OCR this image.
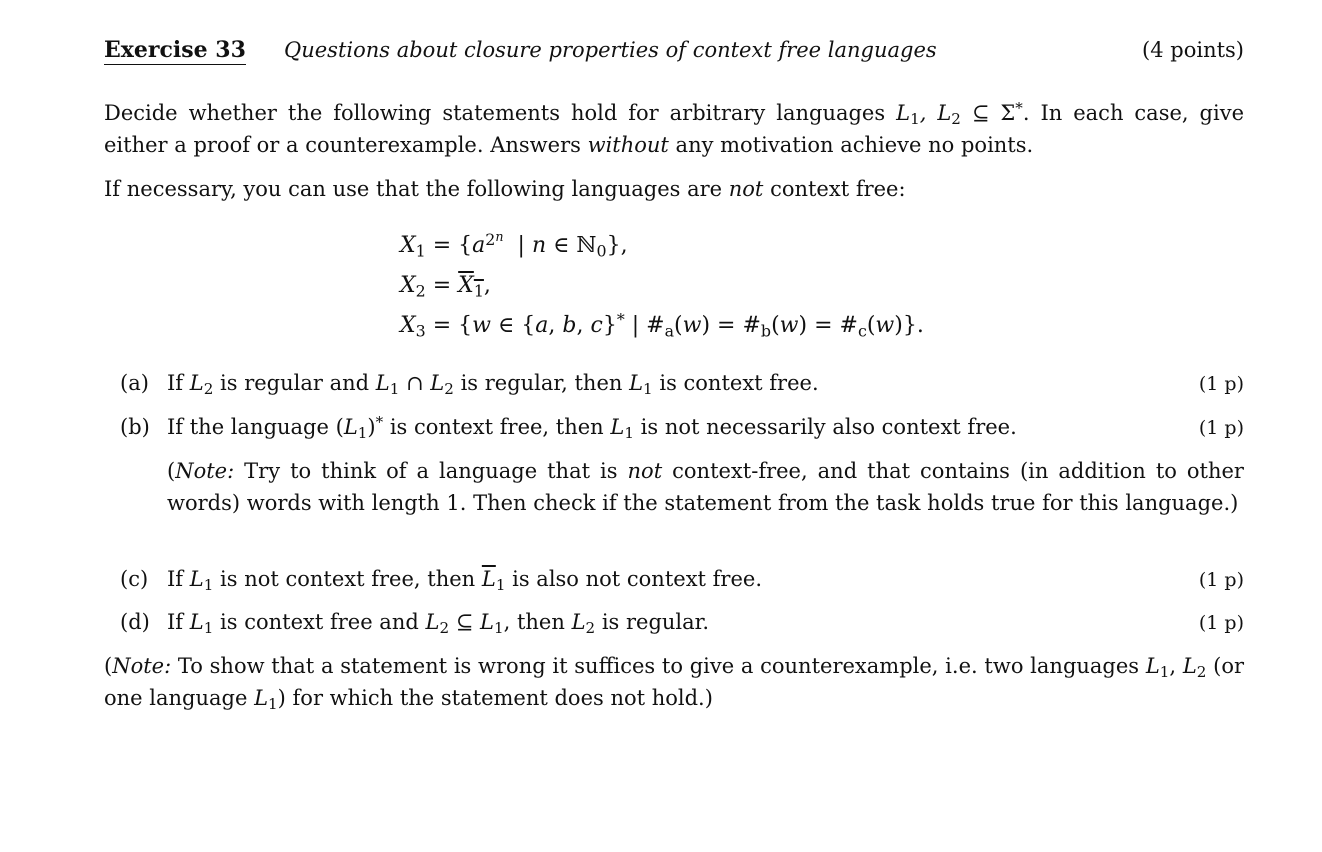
Exercise 33 Questions about closure properties of context free languages	(4 points)
Decide whether the following statements hold for arbitrary languages $L_1$, $L_2$ ⊆ Σ*. In each case, give either a proof or a counterexample. Answers without any motivation achieve no points.
If necessary, you can use that the following languages are not context free:
$X_1 = \{a^{2^n}$  | n ∈ ℕ$_0$},
$X_2 = X_1$,
$X_3 = \{w$ ∈ {a, b, c}* | $\#_a(w)$ = $\#_b(w)$ = $\#_c(w)$}.
(a) If $L_2$ is regular and $L_1$ ∩ $L_2$ is regular, then $L_1$ is context free.	(1 p)
(b) If the language $(L_1)^*$ is context free, then $L_1$ is not necessarily also context free.	(1 p)
(Note: Try to think of a language that is not context-free, and that contains (in addition to other words) words with length 1. Then check if the statement from the task holds true for this language.)
(c) If $L_1$ is not context free, then $\overline{L}_1$ is also not context free.	(1 p)
(d) If $L_1$ is context free and $L_2$ ⊆ $L_1$, then $L_2$ is regular.	(1 p)
(Note: To show that a statement is wrong it suffices to give a counterexample, i.e. two languages $L_1$, $L_2$ (or one language $L_1$) for which the statement does not hold.)
